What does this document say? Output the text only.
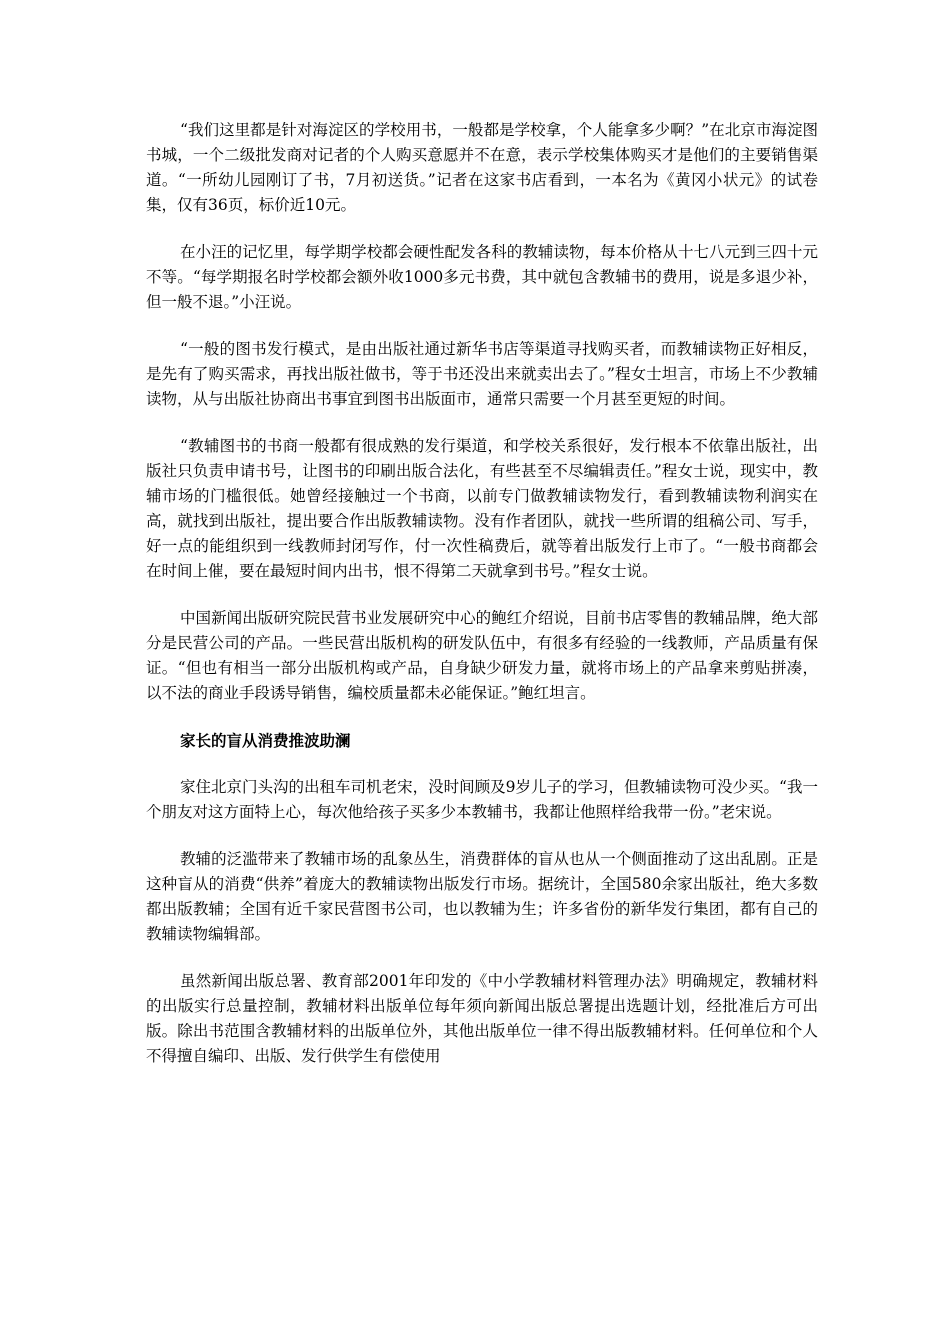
“我们这里都是针对海淀区的学校用书，一般都是学校拿，个人能拿多少啊？”在北京市海淀图书城，一个二级批发商对记者的个人购买意愿并不在意，表示学校集体购买才是他们的主要销售渠道。“一所幼儿园刚订了书，7月初送货。”记者在这家书店看到，一本名为《黄冈小状元》的试卷集，仅有36页，标价近10元。

在小汪的记忆里，每学期学校都会硬性配发各科的教辅读物，每本价格从十七八元到三四十元不等。“每学期报名时学校都会额外收1000多元书费，其中就包含教辅书的费用，说是多退少补，但一般不退。”小汪说。

“一般的图书发行模式，是由出版社通过新华书店等渠道寻找购买者，而教辅读物正好相反，是先有了购买需求，再找出版社做书，等于书还没出来就卖出去了。”程女士坦言，市场上不少教辅读物，从与出版社协商出书事宜到图书出版面市，通常只需要一个月甚至更短的时间。

“教辅图书的书商一般都有很成熟的发行渠道，和学校关系很好，发行根本不依靠出版社，出版社只负责申请书号，让图书的印刷出版合法化，有些甚至不尽编辑责任。”程女士说，现实中，教辅市场的门槛很低。她曾经接触过一个书商，以前专门做教辅读物发行，看到教辅读物利润实在高，就找到出版社，提出要合作出版教辅读物。没有作者团队，就找一些所谓的组稿公司、写手，好一点的能组织到一线教师封闭写作，付一次性稿费后，就等着出版发行上市了。“一般书商都会在时间上催，要在最短时间内出书，恨不得第二天就拿到书号。”程女士说。

中国新闻出版研究院民营书业发展研究中心的鲍红介绍说，目前书店零售的教辅品牌，绝大部分是民营公司的产品。一些民营出版机构的研发队伍中，有很多有经验的一线教师，产品质量有保证。“但也有相当一部分出版机构或产品，自身缺少研发力量，就将市场上的产品拿来剪贴拼凑，以不法的商业手段诱导销售，编校质量都未必能保证。”鲍红坦言。

家长的盲从消费推波助澜

家住北京门头沟的出租车司机老宋，没时间顾及9岁儿子的学习，但教辅读物可没少买。“我一个朋友对这方面特上心，每次他给孩子买多少本教辅书，我都让他照样给我带一份。”老宋说。

教辅的泛滥带来了教辅市场的乱象丛生，消费群体的盲从也从一个侧面推动了这出乱剧。正是这种盲从的消费“供养”着庞大的教辅读物出版发行市场。据统计，全国580余家出版社，绝大多数都出版教辅；全国有近千家民营图书公司，也以教辅为生；许多省份的新华发行集团，都有自己的教辅读物编辑部。

虽然新闻出版总署、教育部2001年印发的《中小学教辅材料管理办法》明确规定，教辅材料的出版实行总量控制，教辅材料出版单位每年须向新闻出版总署提出选题计划，经批准后方可出版。除出书范围含教辅材料的出版单位外，其他出版单位一律不得出版教辅材料。任何单位和个人不得擅自编印、出版、发行供学生有偿使用
